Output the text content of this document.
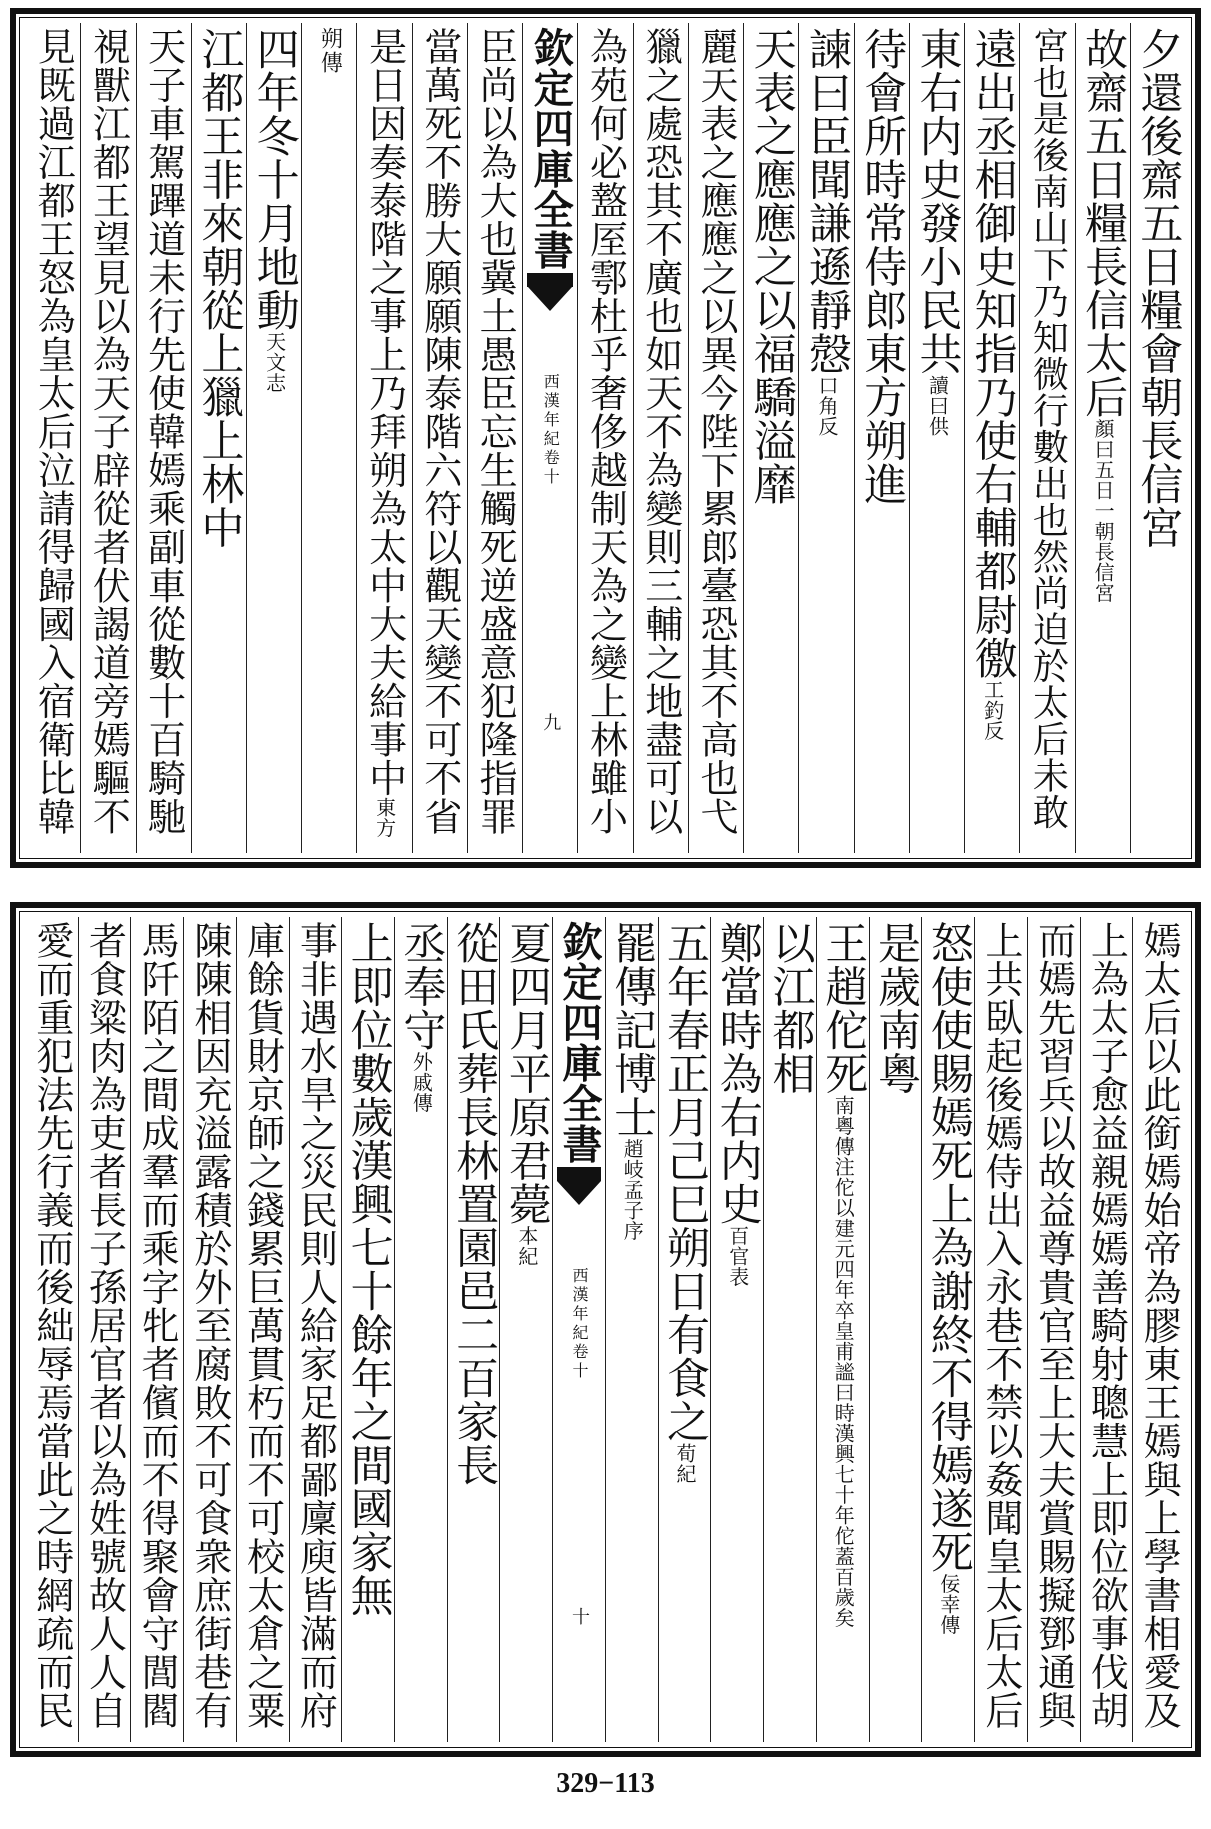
夕還後齋五日糧會朝長信宮
故齋五日糧長信太后顏曰五日一朝長信宮
宮也是後南山下乃知微行數出也然尚迫於太后未敢
遠出丞相御史知指乃使右輔都尉徼工釣反
東右内史發小民共讀曰供
待會所時常侍郎東方朔進
諫曰臣聞謙遜靜慤口角反
天表之應應之以福驕溢靡
麗天表之應應之以異今陛下累郎臺恐其不高也弋
獵之處恐其不廣也如天不為變則三輔之地盡可以
為苑何必盩厔鄠杜乎奢侈越制天為之變上林雖小
欽定四庫全書
西漢年紀卷十
九
臣尚以為大也冀土愚臣忘生觸死逆盛意犯隆指罪
當萬死不勝大願願陳泰階六符以觀天變不可不省
是日因奏泰階之事上乃拜朔為太中大夫給事中東方
朔傳
四年冬十月地動天文志
江都王非來朝從上獵上林中
天子車駕蹕道未行先使韓嫣乘副車從數十百騎馳
視獸江都王望見以為天子辟從者伏謁道旁嫣驅不
見既過江都王怒為皇太后泣請得歸國入宿衛比韓
嫣太后以此銜嫣始帝為膠東王嫣與上學書相愛及
上為太子愈益親嫣嫣善騎射聰慧上即位欲事伐胡
而嫣先習兵以故益尊貴官至上大夫賞賜擬鄧通與
上共臥起後嫣侍出入永巷不禁以姦聞皇太后太后
怒使使賜嫣死上為謝終不得嫣遂死佞幸傳
是歲南粵
王趙佗死南粵傳注佗以建元四年卒皇甫謐曰時漢興七十年佗蓋百歲矣
以江都相
鄭當時為右内史百官表
五年春正月己巳朔日有食之荀紀
罷傳記博士趙岐孟子序
欽定四庫全書
西漢年紀卷十
十
夏四月平原君薨本紀
從田氏葬長林置園邑二百家長
丞奉守外戚傳
上即位數歲漢興七十餘年之間國家無
事非遇水旱之災民則人給家足都鄙廩庾皆滿而府
庫餘貨財京師之錢累巨萬貫朽而不可校太倉之粟
陳陳相因充溢露積於外至腐敗不可食衆庶街巷有
馬阡陌之間成羣而乘字牝者儐而不得聚會守閭閻
者食粱肉為吏者長子孫居官者以為姓號故人人自
愛而重犯法先行義而後絀辱焉當此之時網疏而民
329−113
